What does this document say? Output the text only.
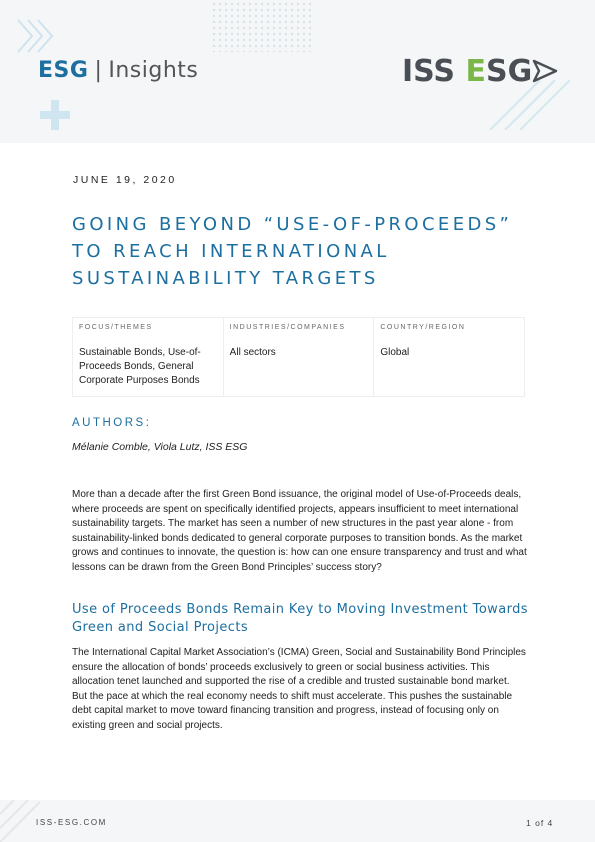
ESG | Insights	ISS ESG
JUNE 19, 2020
GOING BEYOND “USE-OF-PROCEEDS” TO REACH INTERNATIONAL SUSTAINABILITY TARGETS
FOCUS/THEMES
Sustainable Bonds, Use-of-Proceeds Bonds, General Corporate Purposes Bonds
INDUSTRIES/COMPANIES
All sectors
COUNTRY/REGION
Global
AUTHORS:
Mélanie Comble, Viola Lutz, ISS ESG

More than a decade after the first Green Bond issuance, the original model of Use-of-Proceeds deals, where proceeds are spent on specifically identified projects, appears insufficient to meet international sustainability targets. The market has seen a number of new structures in the past year alone - from sustainability-linked bonds dedicated to general corporate purposes to transition bonds. As the market grows and continues to innovate, the question is: how can one ensure transparency and trust and what lessons can be drawn from the Green Bond Principles’ success story?

Use of Proceeds Bonds Remain Key to Moving Investment Towards Green and Social Projects

The International Capital Market Association’s (ICMA) Green, Social and Sustainability Bond Principles ensure the allocation of bonds’ proceeds exclusively to green or social business activities. This allocation tenet launched and supported the rise of a credible and trusted sustainable bond market. But the pace at which the real economy needs to shift must accelerate. This pushes the sustainable debt capital market to move toward financing transition and progress, instead of focusing only on existing green and social projects.

ISS-ESG.COM	1 of 4
